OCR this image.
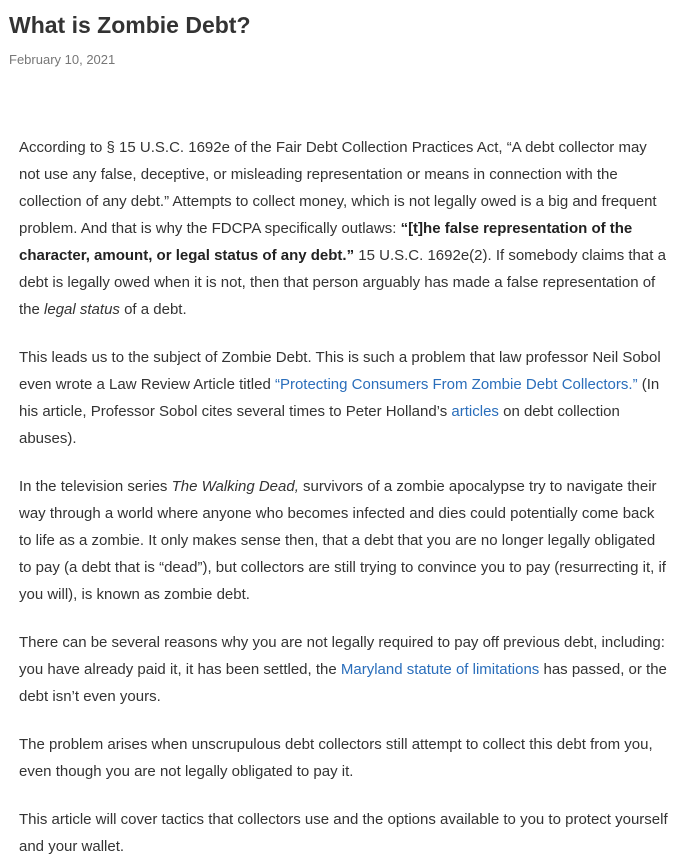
What is Zombie Debt?
February 10, 2021

According to § 15 U.S.C. 1692e of the Fair Debt Collection Practices Act, “A debt collector may not use any false, deceptive, or misleading representation or means in connection with the collection of any debt.” Attempts to collect money, which is not legally owed is a big and frequent problem. And that is why the FDCPA specifically outlaws: “[t]he false representation of the character, amount, or legal status of any debt.” 15 U.S.C. 1692e(2). If somebody claims that a debt is legally owed when it is not, then that person arguably has made a false representation of the legal status of a debt.

This leads us to the subject of Zombie Debt. This is such a problem that law professor Neil Sobol even wrote a Law Review Article titled “Protecting Consumers From Zombie Debt Collectors.” (In his article, Professor Sobol cites several times to Peter Holland’s articles on debt collection abuses).

In the television series The Walking Dead, survivors of a zombie apocalypse try to navigate their way through a world where anyone who becomes infected and dies could potentially come back to life as a zombie. It only makes sense then, that a debt that you are no longer legally obligated to pay (a debt that is “dead”), but collectors are still trying to convince you to pay (resurrecting it, if you will), is known as zombie debt.

There can be several reasons why you are not legally required to pay off previous debt, including: you have already paid it, it has been settled, the Maryland statute of limitations has passed, or the debt isn’t even yours.

The problem arises when unscrupulous debt collectors still attempt to collect this debt from you, even though you are not legally obligated to pay it.

This article will cover tactics that collectors use and the options available to you to protect yourself and your wallet.
